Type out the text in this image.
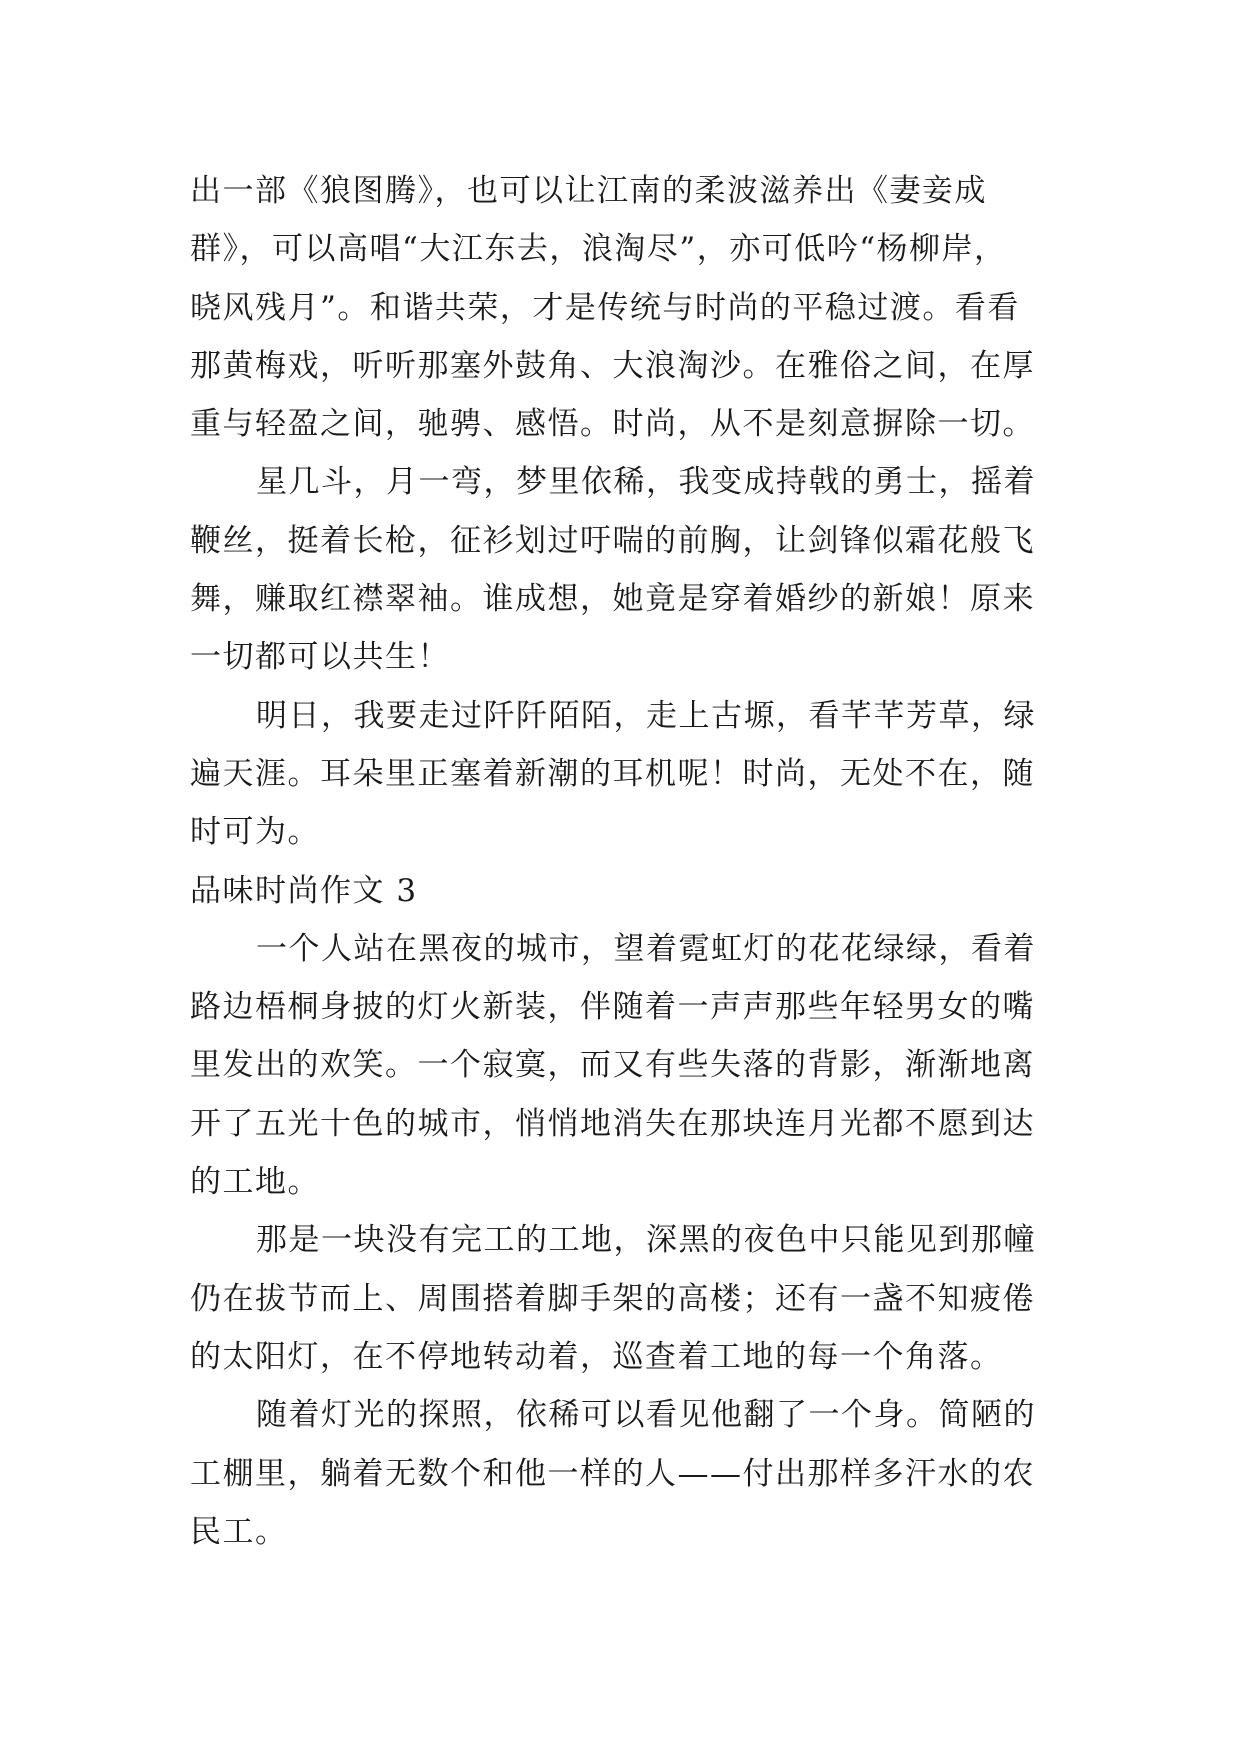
出一部《狼图腾》，也可以让江南的柔波滋养出《妻妾成
群》，可以高唱“大江东去，浪淘尽”，亦可低吟“杨柳岸，
晓风残月”。和谐共荣，才是传统与时尚的平稳过渡。看看
那黄梅戏，听听那塞外鼓角、大浪淘沙。在雅俗之间，在厚
重与轻盈之间，驰骋、感悟。时尚，从不是刻意摒除一切。

星几斗，月一弯，梦里依稀，我变成持戟的勇士，摇着
鞭丝，挺着长枪，征衫划过吁喘的前胸，让剑锋似霜花般飞
舞，赚取红襟翠袖。谁成想，她竟是穿着婚纱的新娘！原来
一切都可以共生！

明日，我要走过阡阡陌陌，走上古塬，看芊芊芳草，绿
遍天涯。耳朵里正塞着新潮的耳机呢！时尚，无处不在，随
时可为。

品味时尚作文 3

一个人站在黑夜的城市，望着霓虹灯的花花绿绿，看着
路边梧桐身披的灯火新装，伴随着一声声那些年轻男女的嘴
里发出的欢笑。一个寂寞，而又有些失落的背影，渐渐地离
开了五光十色的城市，悄悄地消失在那块连月光都不愿到达
的工地。

那是一块没有完工的工地，深黑的夜色中只能见到那幢
仍在拔节而上、周围搭着脚手架的高楼；还有一盏不知疲倦
的太阳灯，在不停地转动着，巡查着工地的每一个角落。

随着灯光的探照，依稀可以看见他翻了一个身。简陋的
工棚里，躺着无数个和他一样的人——付出那样多汗水的农
民工。
